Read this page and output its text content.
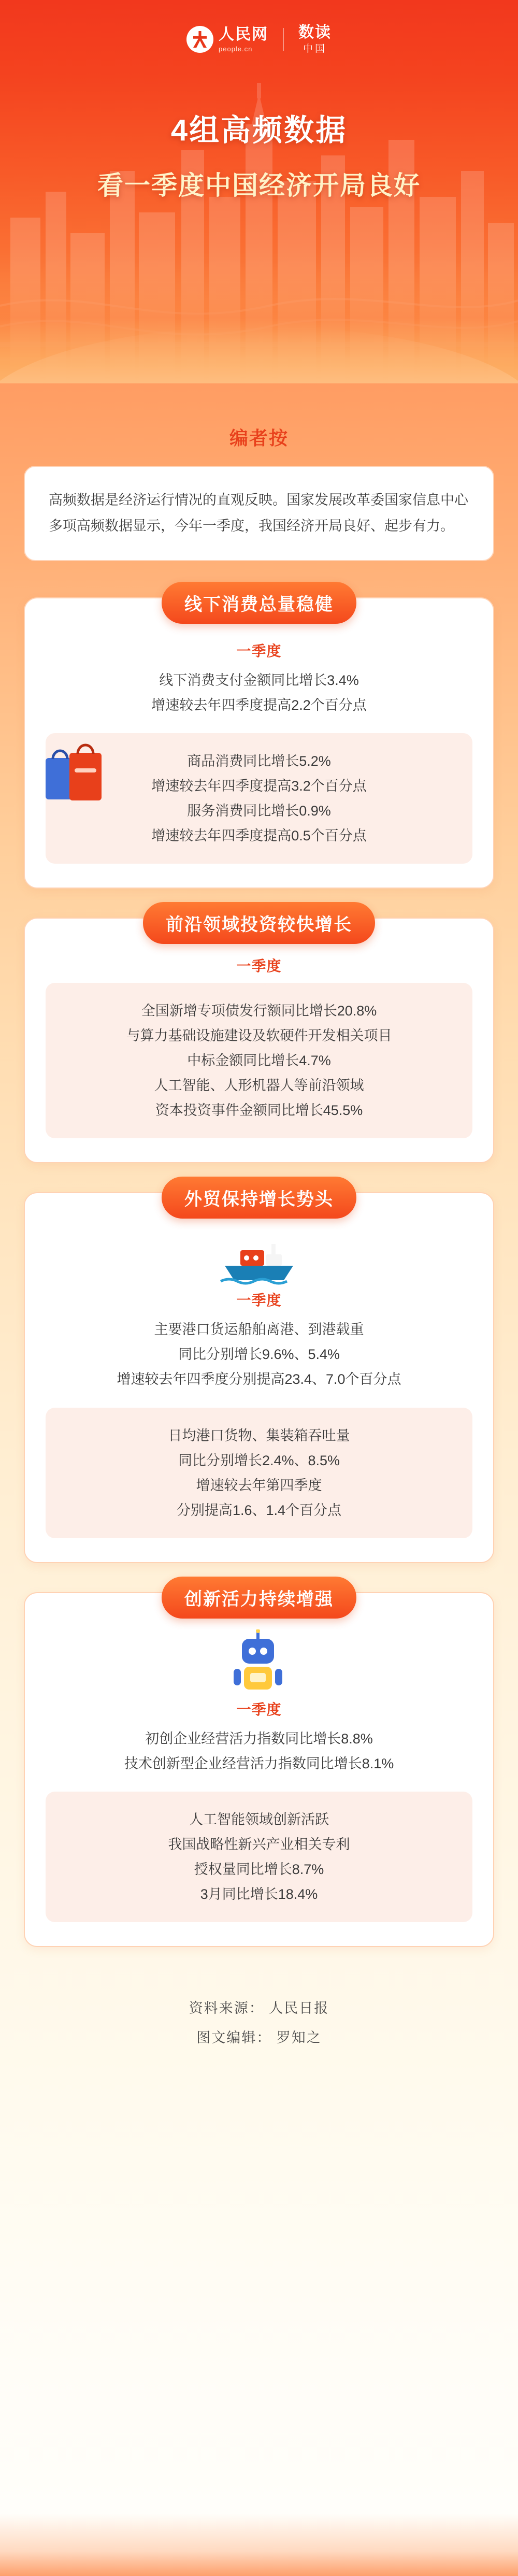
人民网
people.cn
数读
中国
4组高频数据
看一季度中国经济开局良好
编者按

高频数据是经济运行情况的直观反映。国家发展改革委国家信息中心多项高频数据显示，今年一季度，我国经济开局良好、起步有力。

线下消费总量稳健
一季度
线下消费支付金额同比增长3.4%
增速较去年四季度提高2.2个百分点
商品消费同比增长5.2%
增速较去年四季度提高3.2个百分点
服务消费同比增长0.9%
增速较去年四季度提高0.5个百分点
前沿领域投资较快增长
一季度
全国新增专项债发行额同比增长20.8%
与算力基础设施建设及软硬件开发相关项目
中标金额同比增长4.7%
人工智能、人形机器人等前沿领域
资本投资事件金额同比增长45.5%
外贸保持增长势头
一季度
主要港口货运船舶离港、到港载重
同比分别增长9.6%、5.4%
增速较去年四季度分别提高23.4、7.0个百分点
日均港口货物、集装箱吞吐量
同比分别增长2.4%、8.5%
增速较去年第四季度
分别提高1.6、1.4个百分点
创新活力持续增强
一季度
初创企业经营活力指数同比增长8.8%
技术创新型企业经营活力指数同比增长8.1%
人工智能领域创新活跃
我国战略性新兴产业相关专利
授权量同比增长8.7%
3月同比增长18.4%
资料来源： 人民日报
图文编辑： 罗知之
